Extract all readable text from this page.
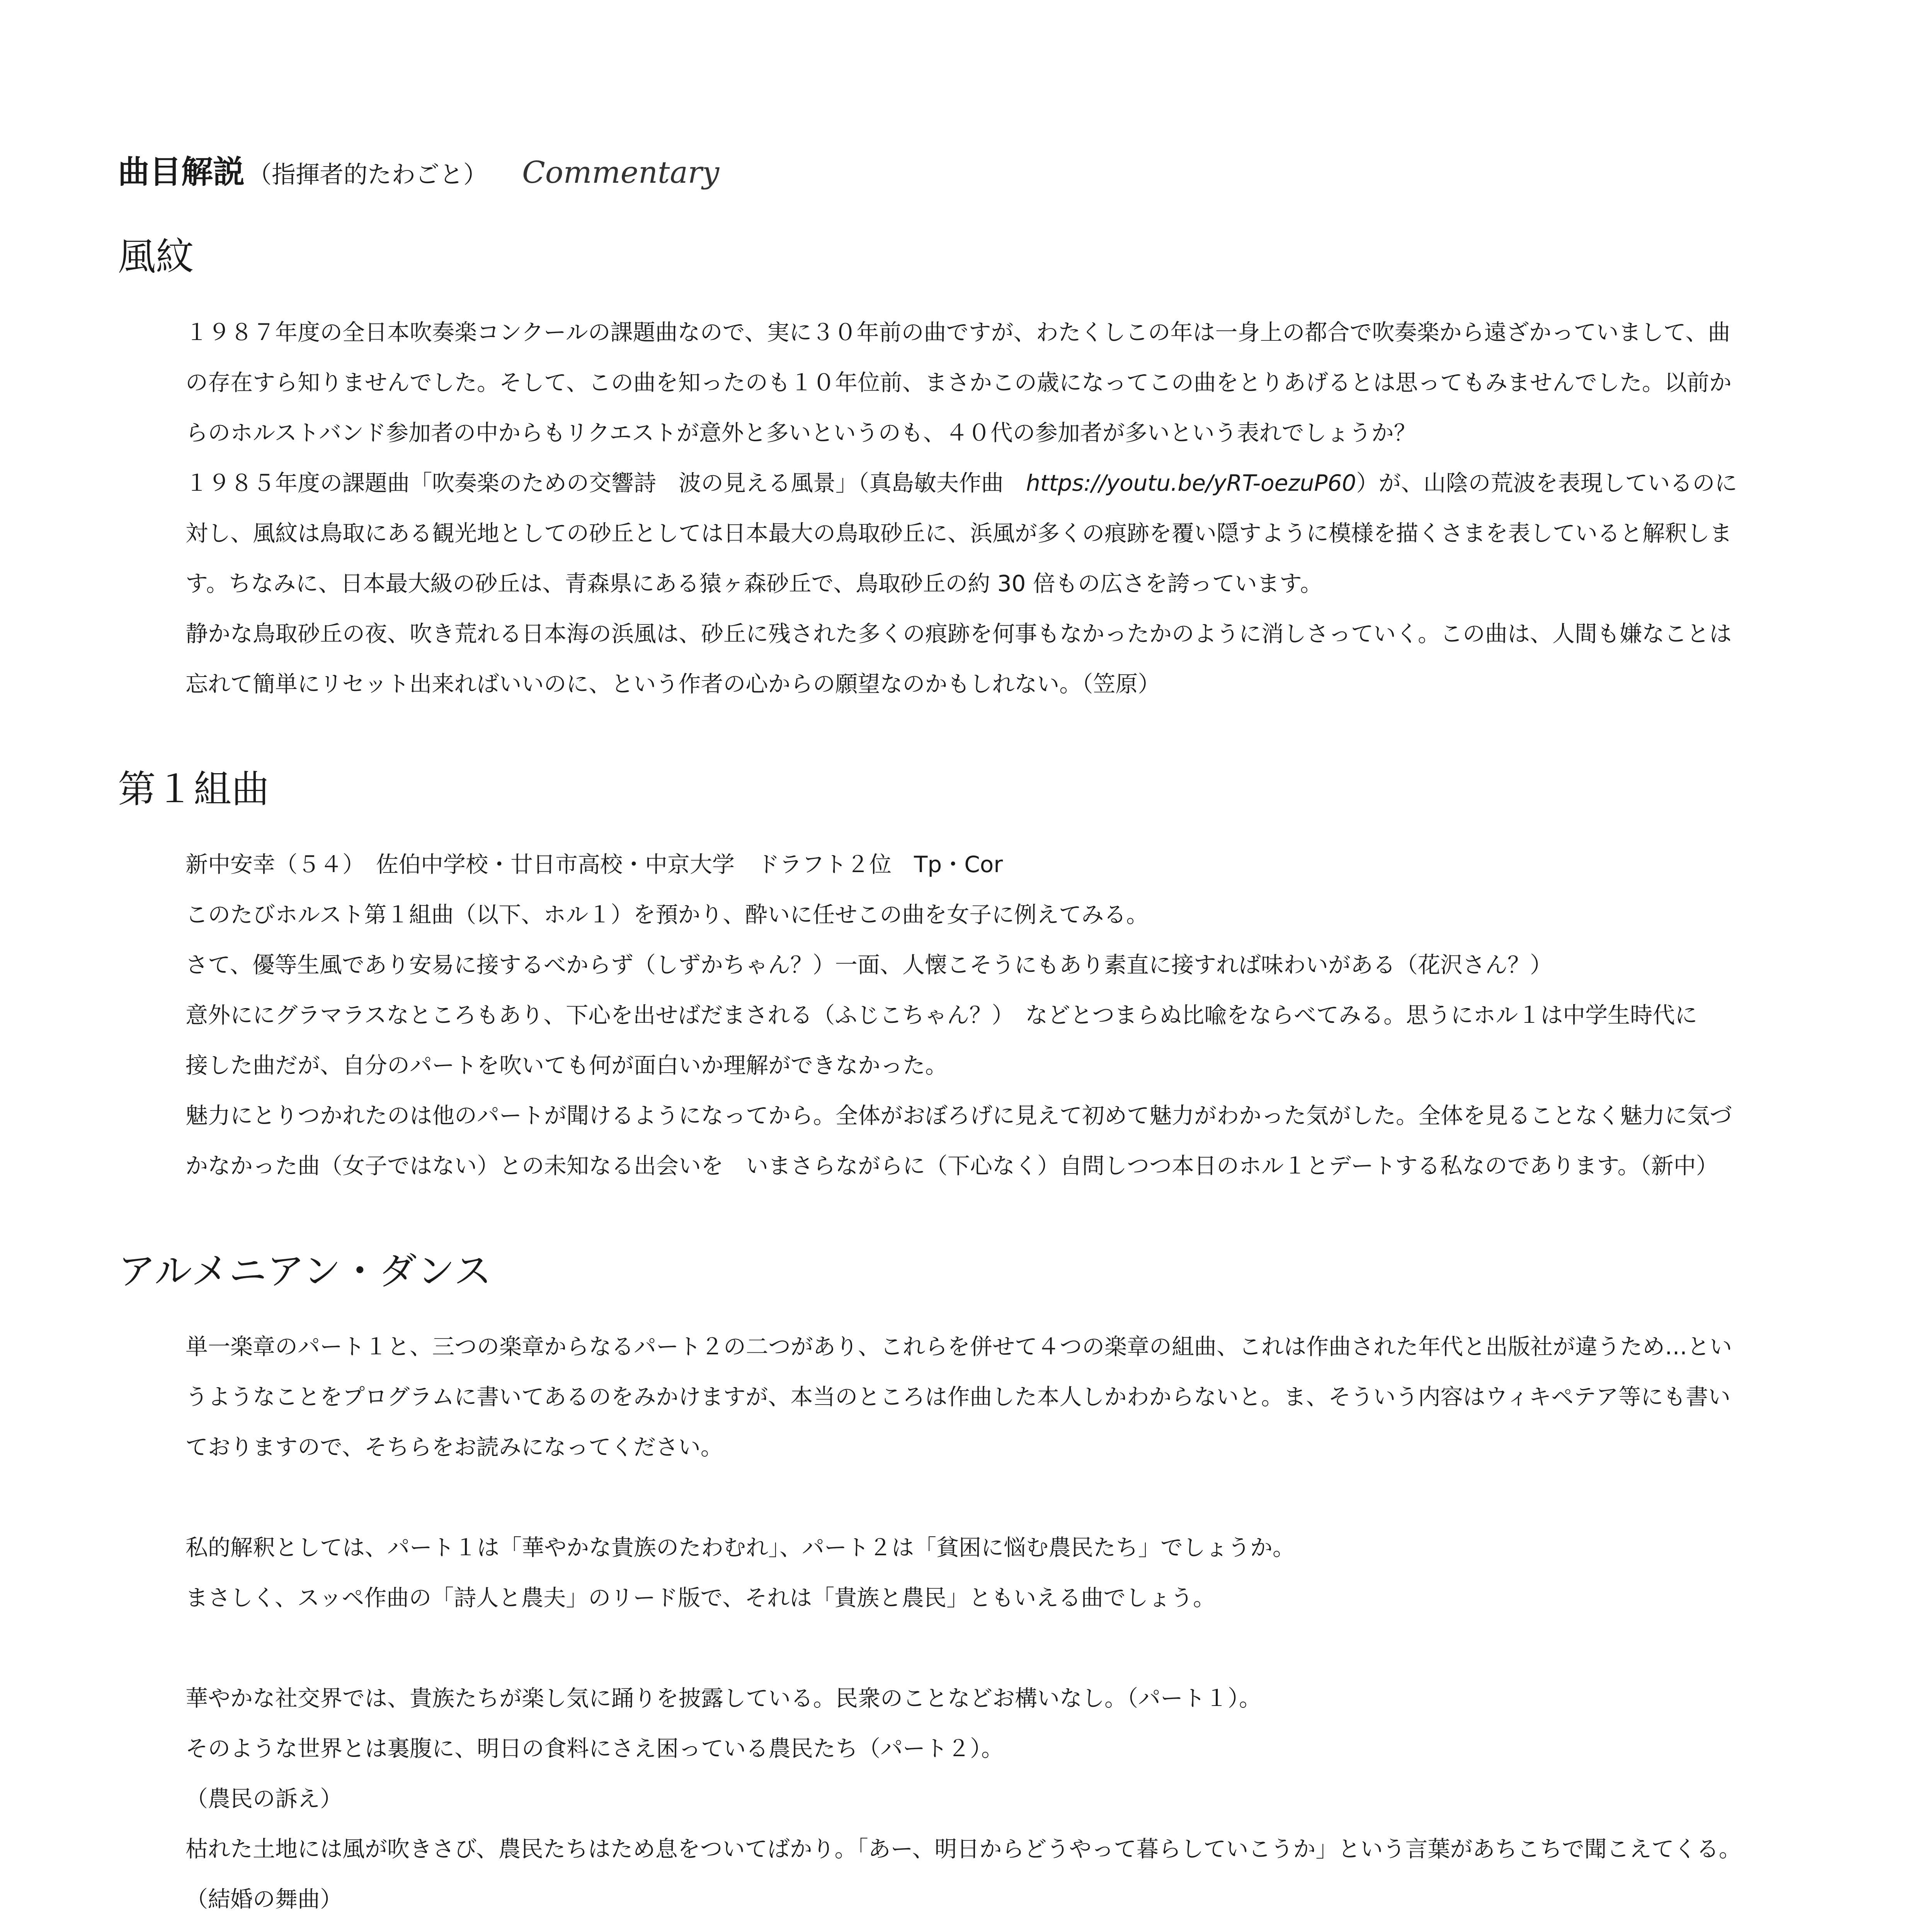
曲目解説 （指揮者的たわごと） Commentary
風紋

１９８７年度の全日本吹奏楽コンクールの課題曲なので、実に３０年前の曲ですが、わたくしこの年は一身上の都合で吹奏楽から遠ざかっていまして、曲の存在すら知りませんでした。そして、この曲を知ったのも１０年位前、まさかこの歳になってこの曲をとりあげるとは思ってもみませんでした。以前からのホルストバンド参加者の中からもリクエストが意外と多いというのも、４０代の参加者が多いという表れでしょうか？

１９８５年度の課題曲「吹奏楽のための交響詩　波の見える風景」（真島敏夫作曲　https://youtu.be/yRT-oezuP60）が、山陰の荒波を表現しているのに対し、風紋は鳥取にある観光地としての砂丘としては日本最大の鳥取砂丘に、浜風が多くの痕跡を覆い隠すように模様を描くさまを表していると解釈します。ちなみに、日本最大級の砂丘は、青森県にある猿ヶ森砂丘で、鳥取砂丘の約 30 倍もの広さを誇っています。

静かな鳥取砂丘の夜、吹き荒れる日本海の浜風は、砂丘に残された多くの痕跡を何事もなかったかのように消しさっていく。この曲は、人間も嫌なことは忘れて簡単にリセット出来ればいいのに、という作者の心からの願望なのかもしれない。（笠原）

第１組曲

新中安幸（５４）　佐伯中学校・廿日市高校・中京大学　ドラフト２位　Tp・Cor

このたびホルスト第１組曲（以下、ホル１）を預かり、酔いに任せこの曲を女子に例えてみる。

さて、優等生風であり安易に接するべからず（しずかちゃん？）一面、人懐こそうにもあり素直に接すれば味わいがある（花沢さん？）

意外ににグラマラスなところもあり、下心を出せばだまされる（ふじこちゃん？）　などとつまらぬ比喩をならべてみる。思うにホル１は中学生時代に　接した曲だが、自分のパートを吹いても何が面白いか理解ができなかった。

魅力にとりつかれたのは他のパートが聞けるようになってから。全体がおぼろげに見えて初めて魅力がわかった気がした。全体を見ることなく魅力に気づかなかった曲（女子ではない）との未知なる出会いを　いまさらながらに（下心なく）自問しつつ本日のホル１とデートする私なのであります。（新中）

アルメニアン・ダンス

単一楽章のパート１と、三つの楽章からなるパート２の二つがあり、これらを併せて４つの楽章の組曲、これは作曲された年代と出版社が違うため…というようなことをプログラムに書いてあるのをみかけますが、本当のところは作曲した本人しかわからないと。ま、そういう内容はウィキペテア等にも書いておりますので、そちらをお読みになってください。

私的解釈としては、パート１は「華やかな貴族のたわむれ」、パート２は「貧困に悩む農民たち」でしょうか。

まさしく、スッペ作曲の「詩人と農夫」のリード版で、それは「貴族と農民」ともいえる曲でしょう。

華やかな社交界では、貴族たちが楽し気に踊りを披露している。民衆のことなどお構いなし。（パート１）。

そのような世界とは裏腹に、明日の食料にさえ困っている農民たち（パート２）。

（農民の訴え）

枯れた土地には風が吹きさび、農民たちはため息をついてばかり。「あー、明日からどうやって暮らしていこうか」という言葉があちこちで聞こえてくる。

（結婚の舞曲）
